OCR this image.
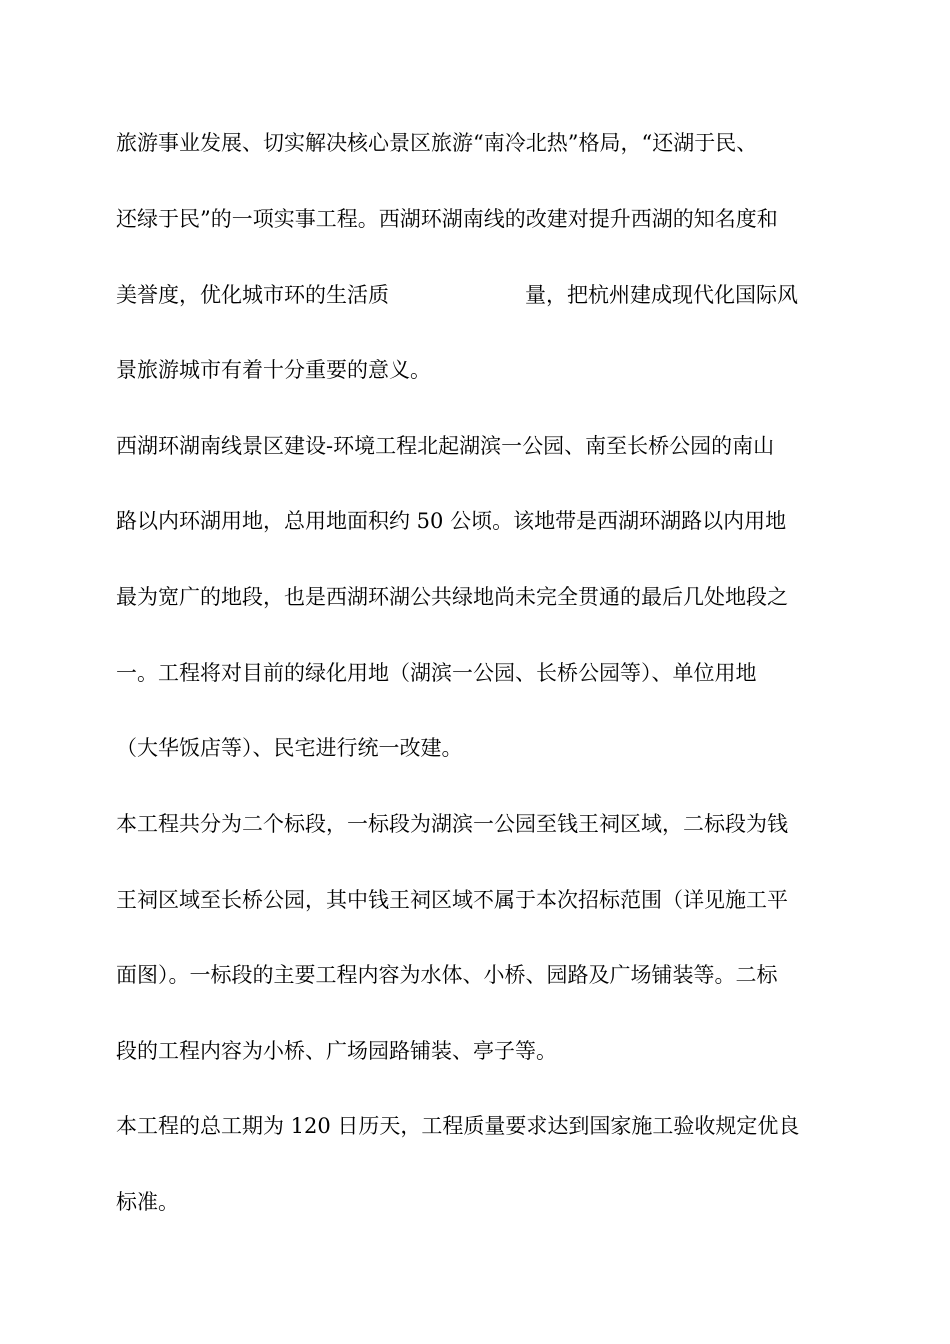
旅游事业发展、切实解决核心景区旅游“南冷北热”格局，“还湖于民、
还绿于民”的一项实事工程。西湖环湖南线的改建对提升西湖的知名度和
美誉度，优化城市环的生活质	量，把杭州建成现代化国际风
景旅游城市有着十分重要的意义。
西湖环湖南线景区建设-环境工程北起湖滨一公园、南至长桥公园的南山
路以内环湖用地，总用地面积约 50 公顷。该地带是西湖环湖路以内用地
最为宽广的地段，也是西湖环湖公共绿地尚未完全贯通的最后几处地段之
一。工程将对目前的绿化用地（湖滨一公园、长桥公园等）、单位用地
（大华饭店等）、民宅进行统一改建。
本工程共分为二个标段，一标段为湖滨一公园至钱王祠区域，二标段为钱
王祠区域至长桥公园，其中钱王祠区域不属于本次招标范围（详见施工平
面图）。一标段的主要工程内容为水体、小桥、园路及广场铺装等。二标
段的工程内容为小桥、广场园路铺装、亭子等。
本工程的总工期为 120 日历天，工程质量要求达到国家施工验收规定优良
标准。
